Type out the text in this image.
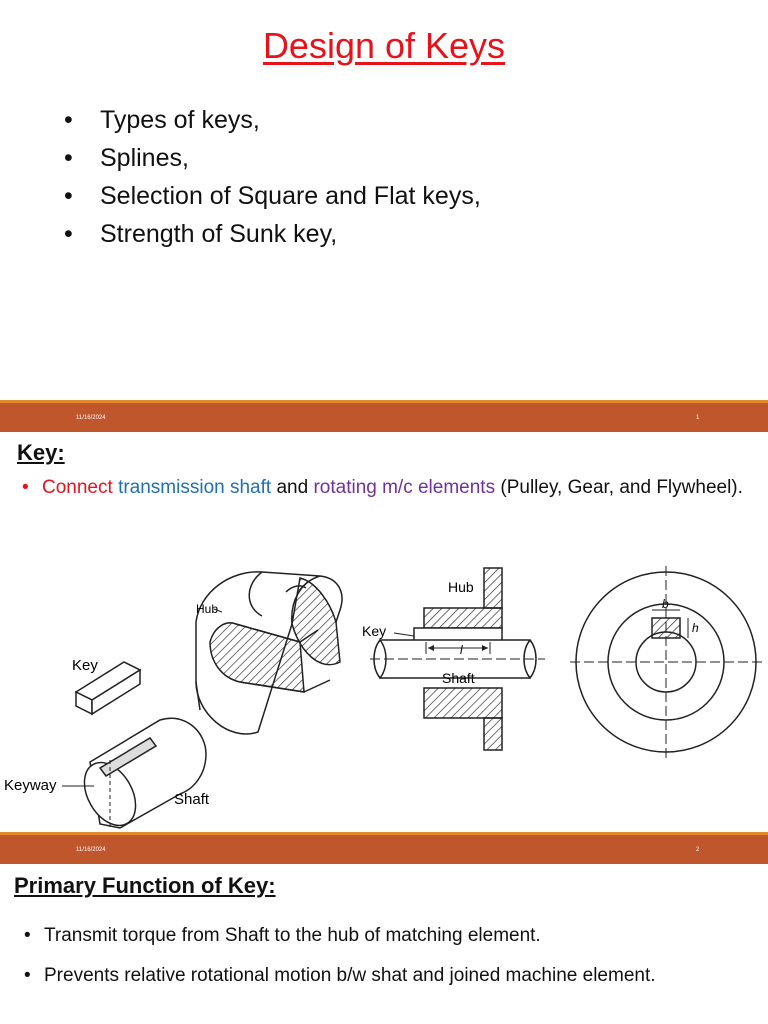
Design of Keys
• Types of keys,
• Splines,
• Selection of Square and Flat keys,
• Strength of Sunk key,
11/16/2024	1
Key:
• Connect transmission shaft and rotating m/c elements (Pulley, Gear, and Flywheel).
Hub
Key
Keyway
Shaft
Hub
Key
Shaft
l
b
h
11/16/2024	2
Primary Function of Key:
• Transmit torque from Shaft to the hub of matching element.
• Prevents relative rotational motion b/w shat and joined machine element.
